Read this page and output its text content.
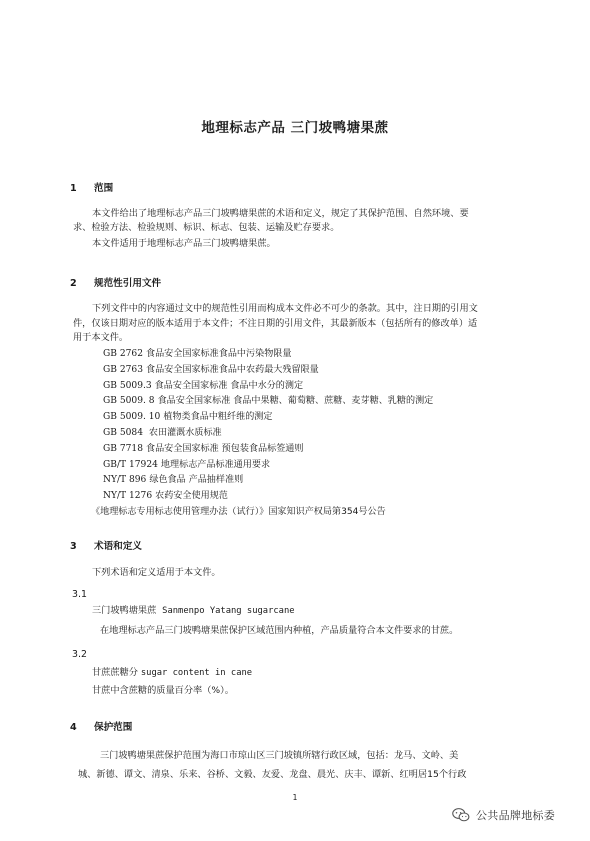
地理标志产品 三门坡鸭塘果蔗
1 范围
本文件给出了地理标志产品三门坡鸭塘果蔗的术语和定义，规定了其保护范围、自然环境、要
求、检验方法、检验规则、标识、标志、包装、运输及贮存要求。
本文件适用于地理标志产品三门坡鸭塘果蔗。
2 规范性引用文件
下列文件中的内容通过文中的规范性引用而构成本文件必不可少的条款。其中，注日期的引用文
件，仅该日期对应的版本适用于本文件；不注日期的引用文件，其最新版本（包括所有的修改单）适
用于本文件。
GB 2762 食品安全国家标准食品中污染物限量
GB 2763 食品安全国家标准食品中农药最大残留限量
GB 5009.3 食品安全国家标准 食品中水分的测定
GB 5009. 8 食品安全国家标准 食品中果糖、葡萄糖、蔗糖、麦芽糖、乳糖的测定
GB 5009. 10 植物类食品中粗纤维的测定
GB 5084 农田灌溉水质标准
GB 7718 食品安全国家标准 预包装食品标签通则
GB/T 17924 地理标志产品标准通用要求
NY/T 896 绿色食品 产品抽样准则
NY/T 1276 农药安全使用规范
《地理标志专用标志使用管理办法（试行）》国家知识产权局第354号公告
3 术语和定义
下列术语和定义适用于本文件。
3.1
三门坡鸭塘果蔗 Sanmenpo Yatang sugarcane
在地理标志产品三门坡鸭塘果蔗保护区域范围内种植，产品质量符合本文件要求的甘蔗。
3.2
甘蔗蔗糖分 sugar content in cane
甘蔗中含蔗糖的质量百分率（%）。
4 保护范围
三门坡鸭塘果蔗保护范围为海口市琼山区三门坡镇所辖行政区域，包括：龙马、文岭、美
城、新德、谭文、清泉、乐来、谷桥、文毅、友爱、龙盘、晨光、庆丰、谭新、红明居15个行政
1
公共品牌地标委
